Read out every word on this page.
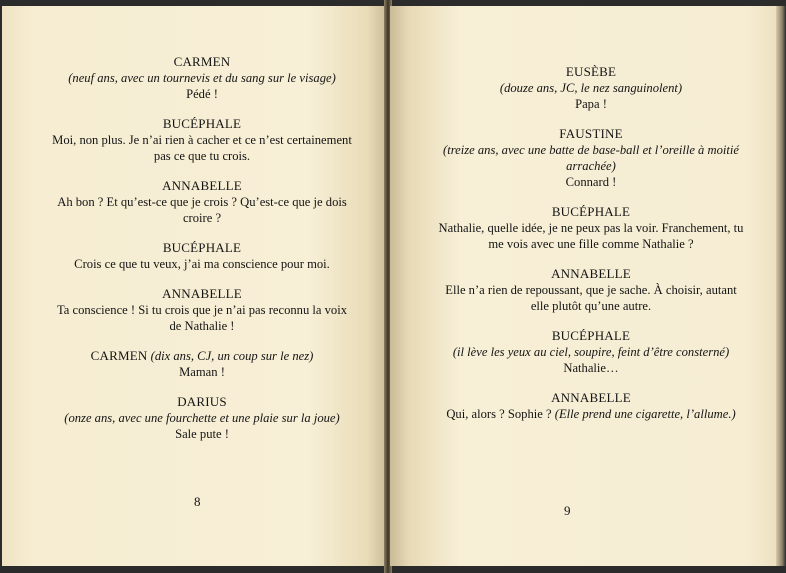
CARMEN
(neuf ans, avec un tournevis et du sang sur le visage)
Pédé !
BUCÉPHALE
Moi, non plus. Je n’ai rien à cacher et ce n’est certainement pas ce que tu crois.
ANNABELLE
Ah bon ? Et qu’est-ce que je crois ? Qu’est-ce que je dois croire ?
BUCÉPHALE
Crois ce que tu veux, j’ai ma conscience pour moi.
ANNABELLE
Ta conscience ! Si tu crois que je n’ai pas reconnu la voix de Nathalie !
CARMEN (dix ans, CJ, un coup sur le nez)
Maman !
DARIUS
(onze ans, avec une fourchette et une plaie sur la joue)
Sale pute !
8
EUSÈBE
(douze ans, JC, le nez sanguinolent)
Papa !
FAUSTINE
(treize ans, avec une batte de base-ball et l’oreille à moitié arrachée)
Connard !
BUCÉPHALE
Nathalie, quelle idée, je ne peux pas la voir. Franchement, tu me vois avec une fille comme Nathalie ?
ANNABELLE
Elle n’a rien de repoussant, que je sache. À choisir, autant elle plutôt qu’une autre.
BUCÉPHALE
(il lève les yeux au ciel, soupire, feint d’être consterné)
Nathalie…
ANNABELLE
Qui, alors ? Sophie ? (Elle prend une cigarette, l’allume.)
9
